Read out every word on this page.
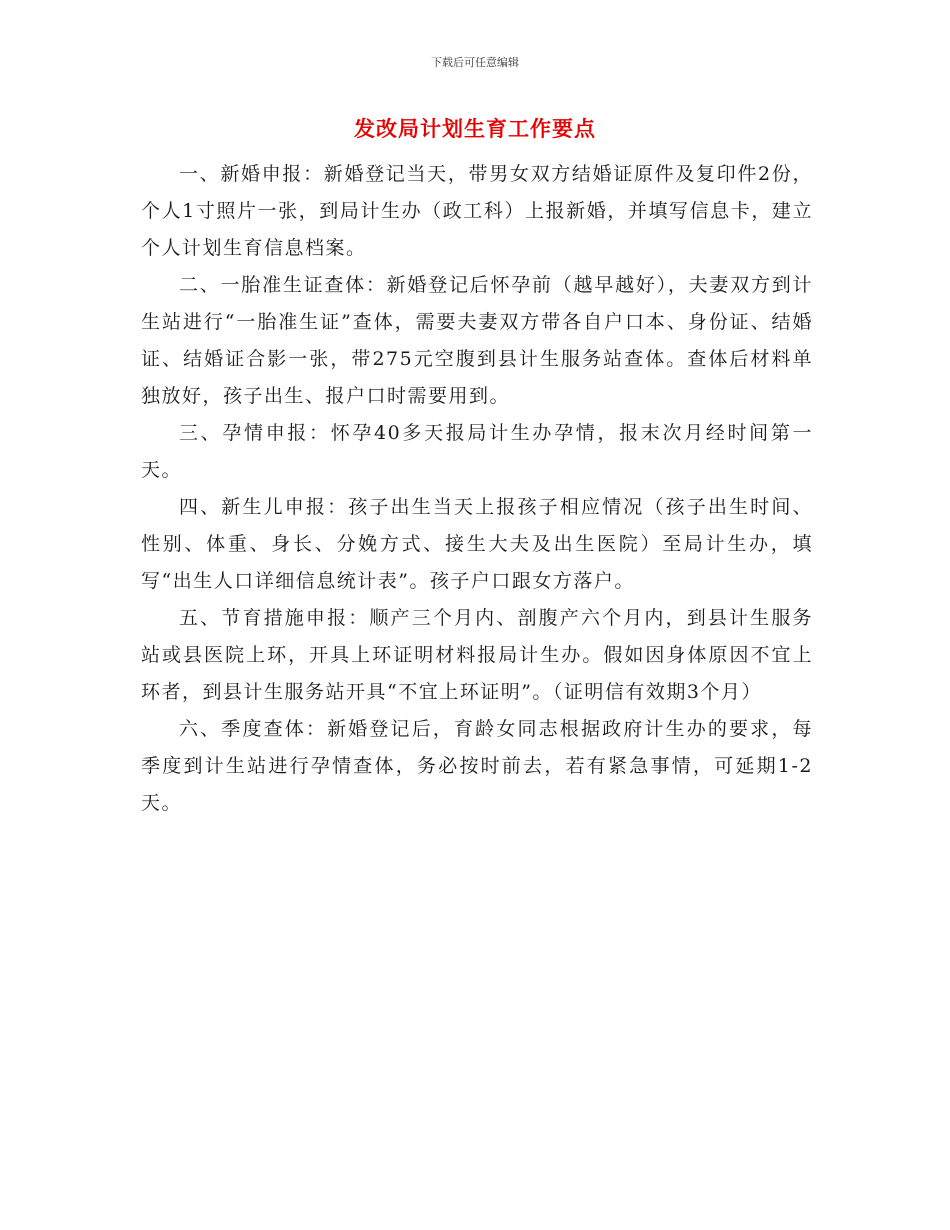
下载后可任意编辑
发改局计划生育工作要点

一、新婚申报：新婚登记当天，带男女双方结婚证原件及复印件2份，个人1寸照片一张，到局计生办（政工科）上报新婚，并填写信息卡，建立个人计划生育信息档案。

二、一胎准生证查体：新婚登记后怀孕前（越早越好），夫妻双方到计生站进行“一胎准生证”查体，需要夫妻双方带各自户口本、身份证、结婚证、结婚证合影一张，带275元空腹到县计生服务站查体。查体后材料单独放好，孩子出生、报户口时需要用到。

三、孕情申报：怀孕40多天报局计生办孕情，报末次月经时间第一天。

四、新生儿申报：孩子出生当天上报孩子相应情况（孩子出生时间、性别、体重、身长、分娩方式、接生大夫及出生医院）至局计生办，填写“出生人口详细信息统计表”。孩子户口跟女方落户。

五、节育措施申报：顺产三个月内、剖腹产六个月内，到县计生服务站或县医院上环，开具上环证明材料报局计生办。假如因身体原因不宜上环者，到县计生服务站开具“不宜上环证明”。（证明信有效期3个月）

六、季度查体：新婚登记后，育龄女同志根据政府计生办的要求，每季度到计生站进行孕情查体，务必按时前去，若有紧急事情，可延期1-2天。
